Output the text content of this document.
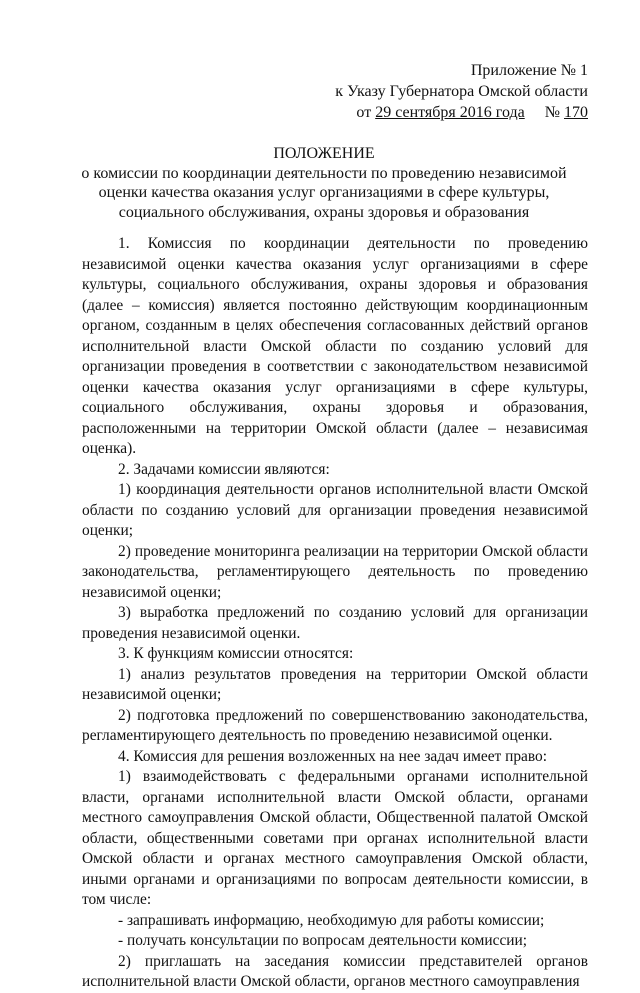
Приложение № 1
к Указу Губернатора Омской области
от 29 сентября 2016 года № 170
ПОЛОЖЕНИЕ
о комиссии по координации деятельности по проведению независимой оценки качества оказания услуг организациями в сфере культуры, социального обслуживания, охраны здоровья и образования

1. Комиссия по координации деятельности по проведению независимой оценки качества оказания услуг организациями в сфере культуры, социального обслуживания, охраны здоровья и образования (далее – комиссия) является постоянно действующим координационным органом, созданным в целях обеспечения согласованных действий органов исполнительной власти Омской области по созданию условий для организации проведения в соответствии с законодательством независимой оценки качества оказания услуг организациями в сфере культуры, социального обслуживания, охраны здоровья и образования, расположенными на территории Омской области (далее – независимая оценка).

2. Задачами комиссии являются:

1) координация деятельности органов исполнительной власти Омской области по созданию условий для организации проведения независимой оценки;

2) проведение мониторинга реализации на территории Омской области законодательства, регламентирующего деятельность по проведению независимой оценки;

3) выработка предложений по созданию условий для организации проведения независимой оценки.

3. К функциям комиссии относятся:

1) анализ результатов проведения на территории Омской области независимой оценки;

2) подготовка предложений по совершенствованию законодательства, регламентирующего деятельность по проведению независимой оценки.

4. Комиссия для решения возложенных на нее задач имеет право:

1) взаимодействовать с федеральными органами исполнительной власти, органами исполнительной власти Омской области, органами местного самоуправления Омской области, Общественной палатой Омской области, общественными советами при органах исполнительной власти Омской области и органах местного самоуправления Омской области, иными органами и организациями по вопросам деятельности комиссии, в том числе:

- запрашивать информацию, необходимую для работы комиссии;

- получать консультации по вопросам деятельности комиссии;

2) приглашать на заседания комиссии представителей органов исполнительной власти Омской области, органов местного самоуправления
